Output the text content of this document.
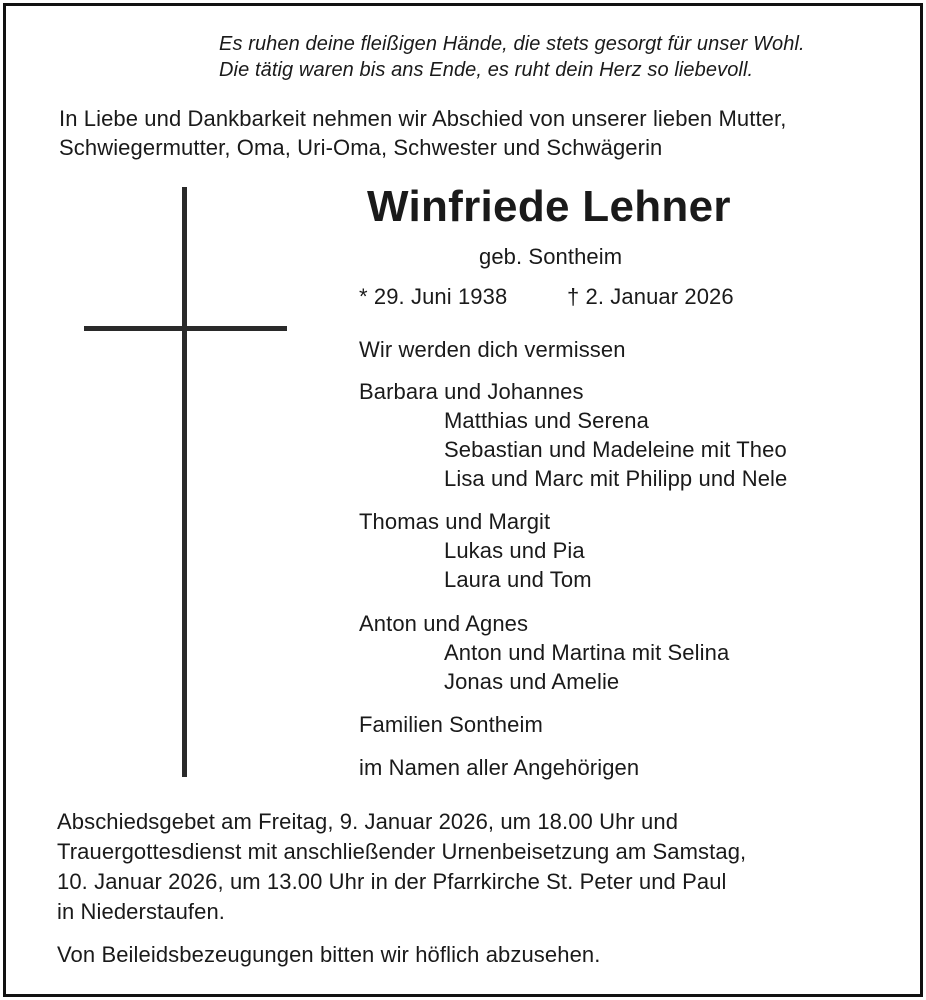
Es ruhen deine fleißigen Hände, die stets gesorgt für unser Wohl.
Die tätig waren bis ans Ende, es ruht dein Herz so liebevoll.
In Liebe und Dankbarkeit nehmen wir Abschied von unserer lieben Mutter,
Schwiegermutter, Oma, Uri-Oma, Schwester und Schwägerin
Winfriede Lehner
geb. Sontheim
* 29. Juni 1938	† 2. Januar 2026
Wir werden dich vermissen
Barbara und Johannes
Matthias und Serena
Sebastian und Madeleine mit Theo
Lisa und Marc mit Philipp und Nele
Thomas und Margit
Lukas und Pia
Laura und Tom
Anton und Agnes
Anton und Martina mit Selina
Jonas und Amelie
Familien Sontheim
im Namen aller Angehörigen
Abschiedsgebet am Freitag, 9. Januar 2026, um 18.00 Uhr und
Trauergottesdienst mit anschließender Urnenbeisetzung am Samstag,
10. Januar 2026, um 13.00 Uhr in der Pfarrkirche St. Peter und Paul
in Niederstaufen.
Von Beileidsbezeugungen bitten wir höflich abzusehen.
